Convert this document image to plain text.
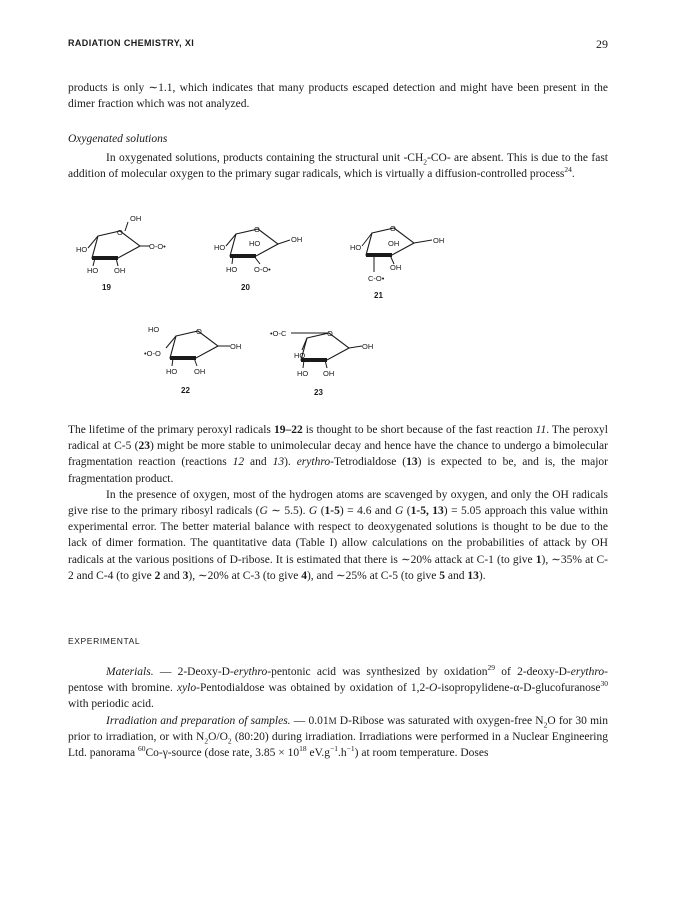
RADIATION CHEMISTRY, XI	29

products is only ∼1.1, which indicates that many products escaped detection and might have been present in the dimer fraction which was not analyzed.

Oxygenated solutions

In oxygenated solutions, products containing the structural unit $-CH_2-CO-$ are absent. This is due to the fast addition of molecular oxygen to the primary sugar radicals, which is virtually a diffusion-controlled process$^{24}$.

OH
O
O-O•
HO
HO OH
19
O
HO	OH
HO
HO O-O•
20
O
OH
OH
HO
OH
C-O•
21
HO	O
OH
•O-O
HO OH
22
•O-C	O
OH
HO
HO OH
23

The lifetime of the primary peroxyl radicals 19–22 is thought to be short because of the fast reaction 11. The peroxyl radical at C-5 (23) might be more stable to unimolecular decay and hence have the chance to undergo a bimolecular fragmentation reaction (reactions 12 and 13). erythro-Tetrodialdose (13) is expected to be, and is, the major fragmentation product.

In the presence of oxygen, most of the hydrogen atoms are scavenged by oxygen, and only the OH radicals give rise to the primary ribosyl radicals (G ∼ 5.5). G (1-5) = 4.6 and G (1-5, 13) = 5.05 approach this value within experimental error. The better material balance with respect to deoxygenated solutions is thought to be due to the lack of dimer formation. The quantitative data (Table I) allow calculations on the probabilities of attack by OH radicals at the various positions of D-ribose. It is estimated that there is ∼20% attack at C-1 (to give 1), ∼35% at C-2 and C-4 (to give 2 and 3), ∼20% at C-3 (to give 4), and ∼25% at C-5 (to give 5 and 13).

EXPERIMENTAL

Materials. — 2-Deoxy-D-erythro-pentonic acid was synthesized by oxidation$^{29}$ of 2-deoxy-D-erythro-pentose with bromine. xylo-Pentodialdose was obtained by oxidation of 1,2-O-isopropylidene-α-D-glucofuranose$^{30}$ with periodic acid.

Irradiation and preparation of samples. — 0.01M D-Ribose was saturated with oxygen-free $N_2O$ for 30 min prior to irradiation, or with $N_2O/O_2$ (80:20) during irradiation. Irradiations were performed in a Nuclear Engineering Ltd. panorama $^{60}$Co-γ-source (dose rate, $3.85 \times 10^{18}$ $eV.g^{-1}.h^{-1}$) at room temperature. Doses
